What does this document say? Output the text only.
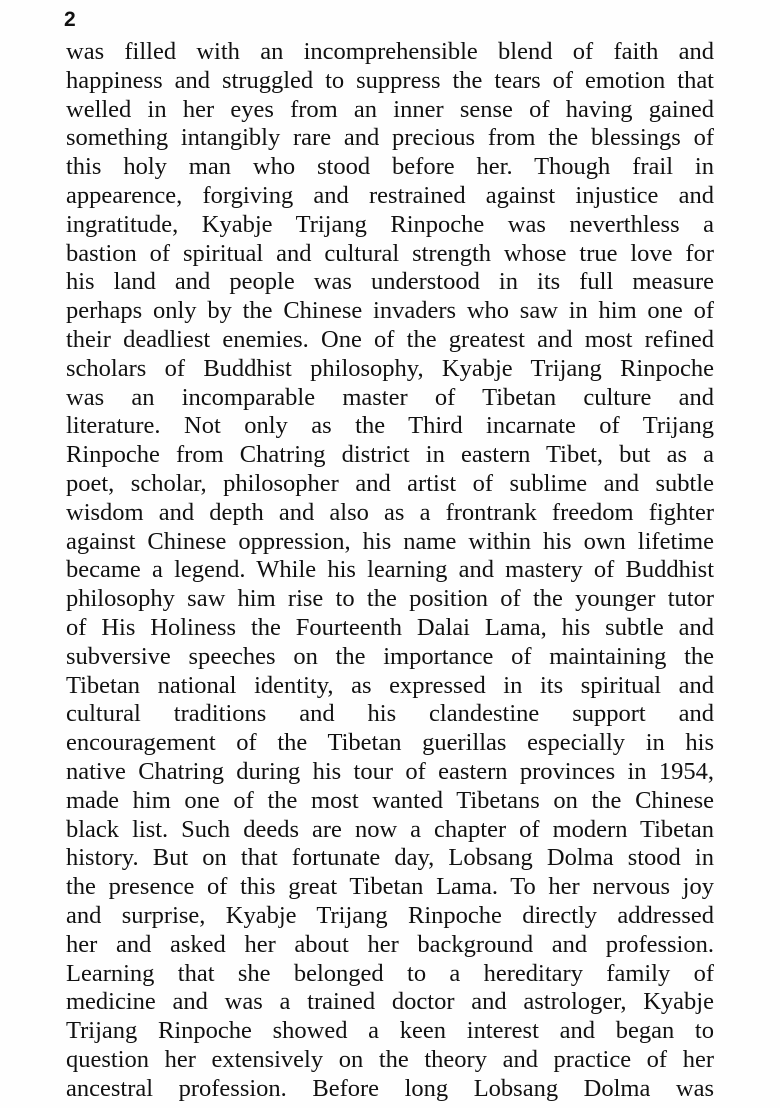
2
was filled with an incomprehensible blend of faith and
happiness and struggled to suppress the tears of emotion that
welled in her eyes from an inner sense of having gained
something intangibly rare and precious from the blessings of
this holy man who stood before her. Though frail in
appearence, forgiving and restrained against injustice and
ingratitude, Kyabje Trijang Rinpoche was neverthless a
bastion of spiritual and cultural strength whose true love for
his land and people was understood in its full measure
perhaps only by the Chinese invaders who saw in him one of
their deadliest enemies. One of the greatest and most refined
scholars of Buddhist philosophy, Kyabje Trijang Rinpoche
was an incomparable master of Tibetan culture and
literature. Not only as the Third incarnate of Trijang
Rinpoche from Chatring district in eastern Tibet, but as a
poet, scholar, philosopher and artist of sublime and subtle
wisdom and depth and also as a frontrank freedom fighter
against Chinese oppression, his name within his own lifetime
became a legend. While his learning and mastery of Buddhist
philosophy saw him rise to the position of the younger tutor
of His Holiness the Fourteenth Dalai Lama, his subtle and
subversive speeches on the importance of maintaining the
Tibetan national identity, as expressed in its spiritual and
cultural traditions and his clandestine support and
encouragement of the Tibetan guerillas especially in his
native Chatring during his tour of eastern provinces in 1954,
made him one of the most wanted Tibetans on the Chinese
black list. Such deeds are now a chapter of modern Tibetan
history. But on that fortunate day, Lobsang Dolma stood in
the presence of this great Tibetan Lama. To her nervous joy
and surprise, Kyabje Trijang Rinpoche directly addressed
her and asked her about her background and profession.
Learning that she belonged to a hereditary family of
medicine and was a trained doctor and astrologer, Kyabje
Trijang Rinpoche showed a keen interest and began to
question her extensively on the theory and practice of her
ancestral profession. Before long Lobsang Dolma was
